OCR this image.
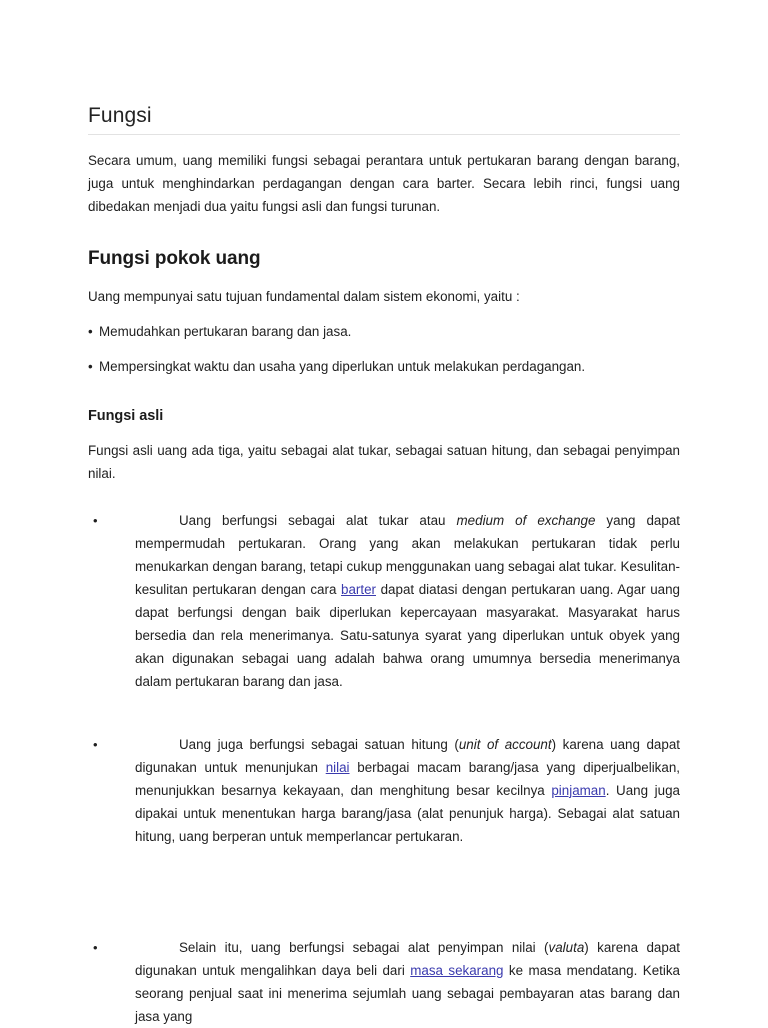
Fungsi

Secara umum, uang memiliki fungsi sebagai perantara untuk pertukaran barang dengan barang, juga untuk menghindarkan perdagangan dengan cara barter. Secara lebih rinci, fungsi uang dibedakan menjadi dua yaitu fungsi asli dan fungsi turunan.

Fungsi pokok uang

Uang mempunyai satu tujuan fundamental dalam sistem ekonomi, yaitu :

• Memudahkan pertukaran barang dan jasa.
• Mempersingkat waktu dan usaha yang diperlukan untuk melakukan perdagangan.
Fungsi asli

Fungsi asli uang ada tiga, yaitu sebagai alat tukar, sebagai satuan hitung, dan sebagai penyimpan nilai.

•	Uang berfungsi sebagai alat tukar atau medium of exchange yang dapat mempermudah pertukaran. Orang yang akan melakukan pertukaran tidak perlu menukarkan dengan barang, tetapi cukup menggunakan uang sebagai alat tukar. Kesulitan-kesulitan pertukaran dengan cara barter dapat diatasi dengan pertukaran uang. Agar uang dapat berfungsi dengan baik diperlukan kepercayaan masyarakat. Masyarakat harus bersedia dan rela menerimanya. Satu-satunya syarat yang diperlukan untuk obyek yang akan digunakan sebagai uang adalah bahwa orang umumnya bersedia menerimanya dalam pertukaran barang dan jasa.
•	Uang juga berfungsi sebagai satuan hitung (unit of account) karena uang dapat digunakan untuk menunjukan nilai berbagai macam barang/jasa yang diperjualbelikan, menunjukkan besarnya kekayaan, dan menghitung besar kecilnya pinjaman. Uang juga dipakai untuk menentukan harga barang/jasa (alat penunjuk harga). Sebagai alat satuan hitung, uang berperan untuk memperlancar pertukaran.
•	Selain itu, uang berfungsi sebagai alat penyimpan nilai (valuta) karena dapat digunakan untuk mengalihkan daya beli dari masa sekarang ke masa mendatang. Ketika seorang penjual saat ini menerima sejumlah uang sebagai pembayaran atas barang dan jasa yang
